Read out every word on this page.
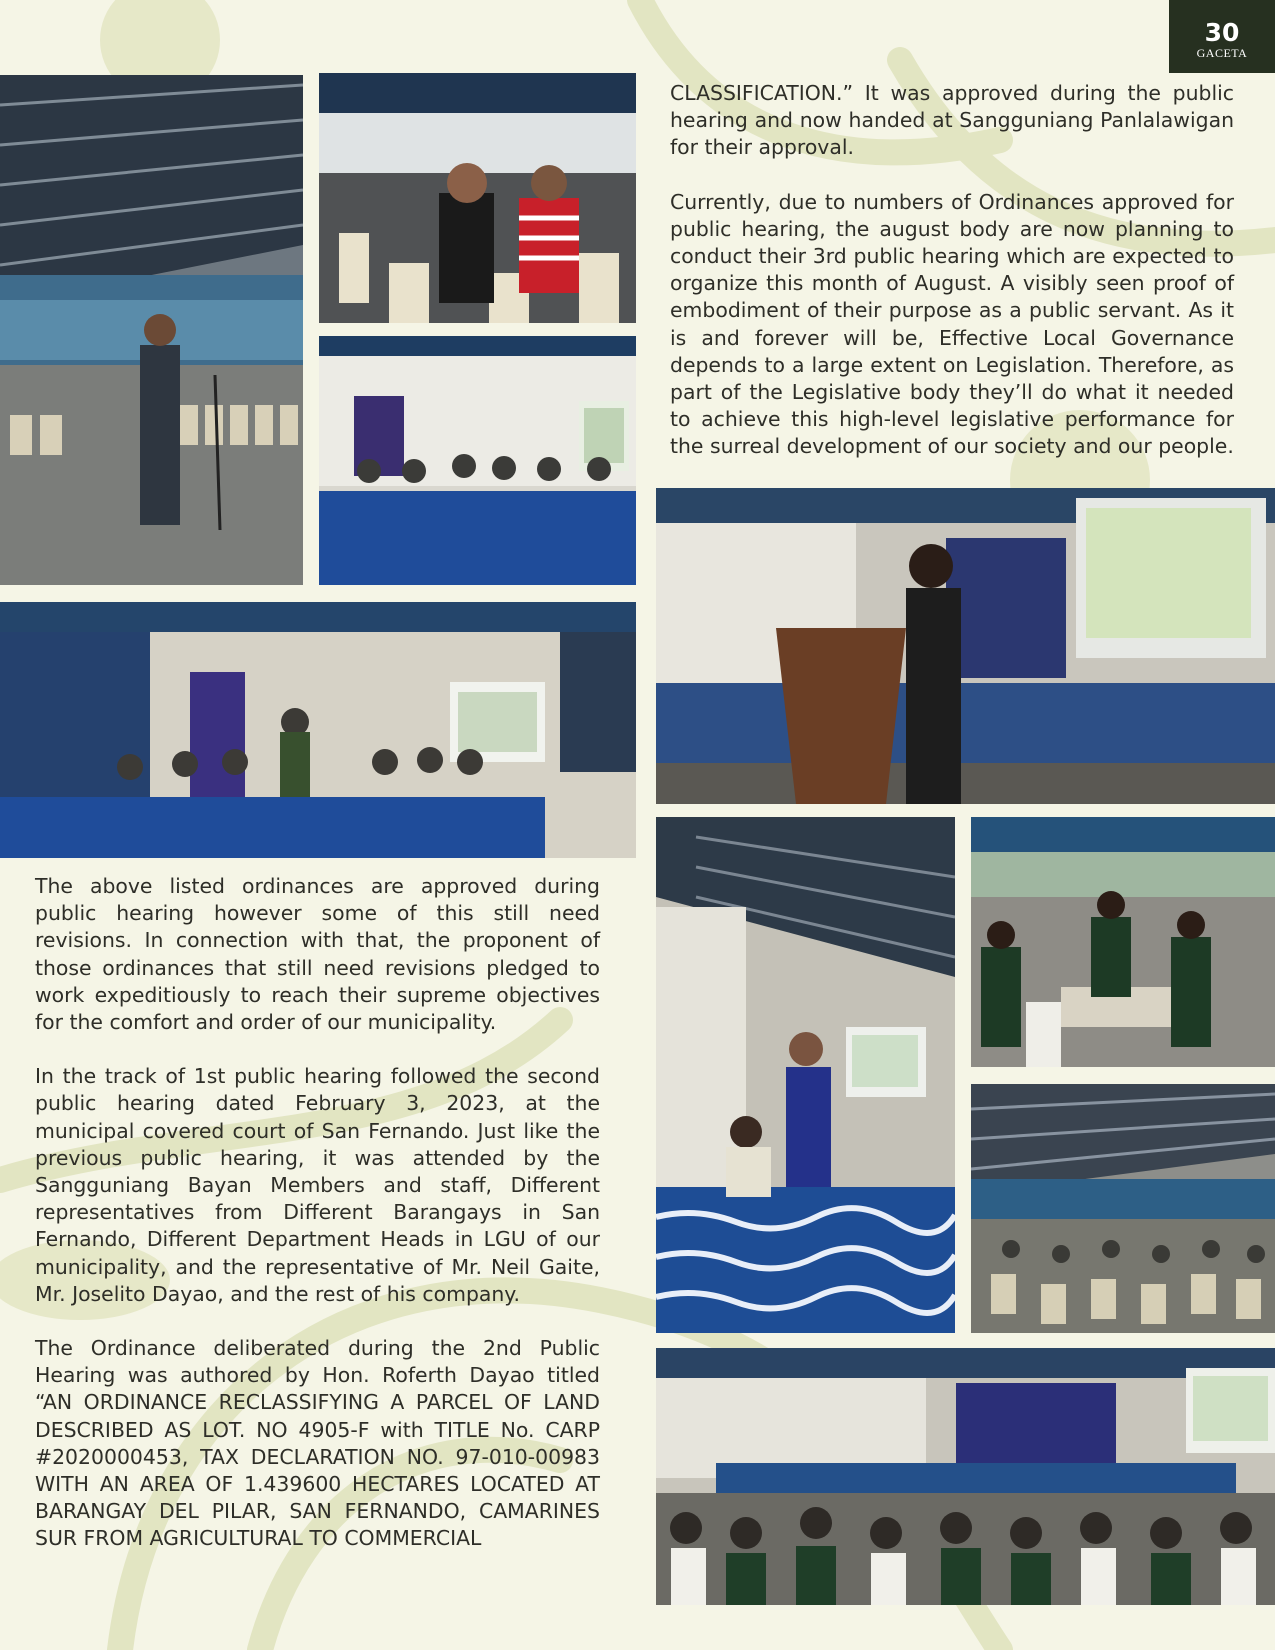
30
GACETA

CLASSIFICATION.” It was approved during the public hearing and now handed at Sangguniang Panlalawigan for their approval.

Currently, due to numbers of Ordinances approved for public hearing, the august body are now planning to conduct their 3rd public hearing which are expected to organize this month of August. A visibly seen proof of embodiment of their purpose as a public servant. As it is and forever will be, Effective Local Governance depends to a large extent on Legislation. Therefore, as part of the Legislative body they’ll do what it needed to achieve this high-level legislative performance for the surreal development of our society and our people.

The above listed ordinances are approved during public hearing however some of this still need revisions. In connection with that, the proponent of those ordinances that still need revisions pledged to work expeditiously to reach their supreme objectives for the comfort and order of our municipality.

In the track of 1st public hearing followed the second public hearing dated February 3, 2023, at the municipal covered court of San Fernando. Just like the previous public hearing, it was attended by the Sangguniang Bayan Members and staff, Different representatives from Different Barangays in San Fernando, Different Department Heads in LGU of our municipality, and the representative of Mr. Neil Gaite, Mr. Joselito Dayao, and the rest of his company.

The Ordinance deliberated during the 2nd Public Hearing was authored by Hon. Roferth Dayao titled “AN ORDINANCE RECLASSIFYING A PARCEL OF LAND DESCRIBED AS LOT. NO 4905-F with TITLE No. CARP #2020000453, TAX DECLARATION NO. 97-010-00983 WITH AN AREA OF 1.439600 HECTARES LOCATED AT BARANGAY DEL PILAR, SAN FERNANDO, CAMARINES SUR FROM AGRICULTURAL TO COMMERCIAL
